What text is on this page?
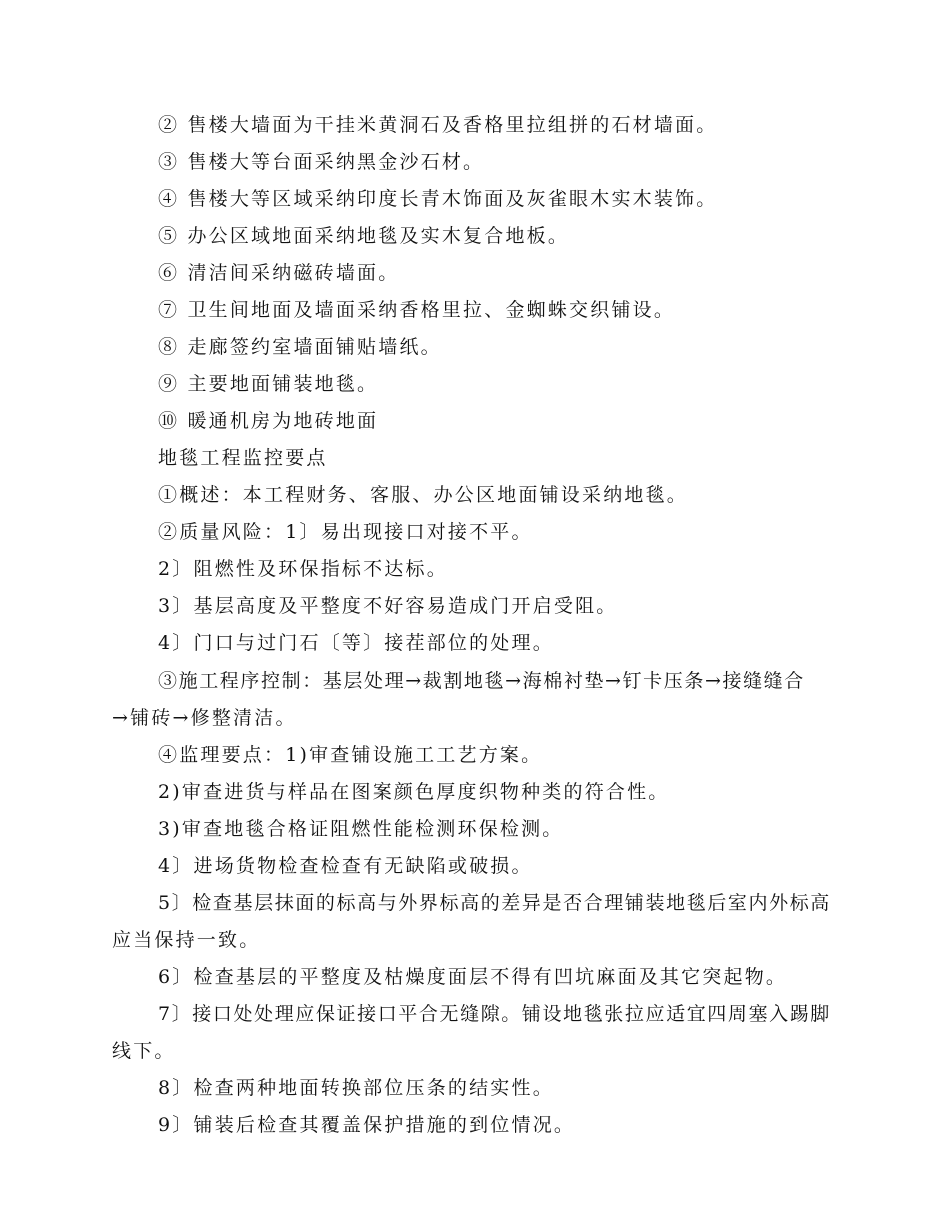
② 售楼大墙面为干挂米黄洞石及香格里拉组拼的石材墙面。
③ 售楼大等台面采纳黑金沙石材。
④ 售楼大等区域采纳印度长青木饰面及灰雀眼木实木装饰。
⑤ 办公区域地面采纳地毯及实木复合地板。
⑥ 清洁间采纳磁砖墙面。
⑦ 卫生间地面及墙面采纳香格里拉、金蜘蛛交织铺设。
⑧ 走廊签约室墙面铺贴墙纸。
⑨ 主要地面铺装地毯。
⑩ 暖通机房为地砖地面
地毯工程监控要点
①概述：本工程财务、客服、办公区地面铺设采纳地毯。
②质量风险：1〕易出现接口对接不平。
2〕阻燃性及环保指标不达标。
3〕基层高度及平整度不好容易造成门开启受阻。
4〕门口与过门石〔等〕接茬部位的处理。
③施工程序控制：基层处理→裁割地毯→海棉衬垫→钉卡压条→接缝缝合
→铺砖→修整清洁。
④监理要点：1)审查铺设施工工艺方案。
2)审查进货与样品在图案颜色厚度织物种类的符合性。
3)审查地毯合格证阻燃性能检测环保检测。
4〕进场货物检查检查有无缺陷或破损。
5〕检查基层抹面的标高与外界标高的差异是否合理铺装地毯后室内外标高
应当保持一致。
6〕检查基层的平整度及枯燥度面层不得有凹坑麻面及其它突起物。
7〕接口处处理应保证接口平合无缝隙。铺设地毯张拉应适宜四周塞入踢脚
线下。
8〕检查两种地面转换部位压条的结实性。
9〕铺装后检查其覆盖保护措施的到位情况。
